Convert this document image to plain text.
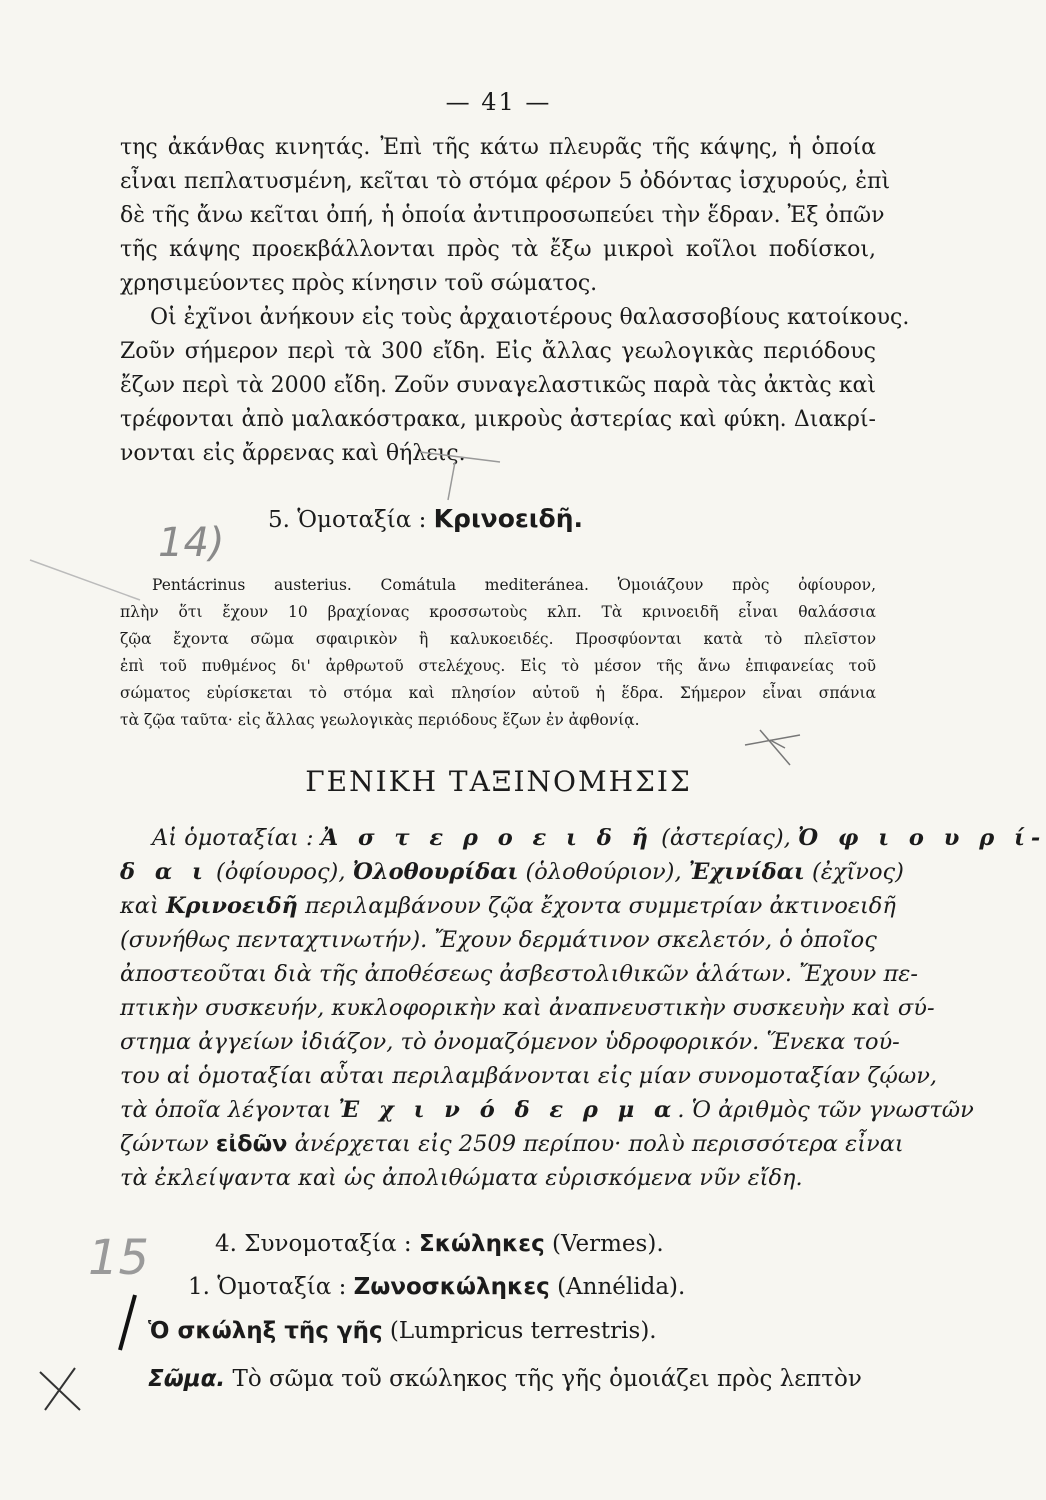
— 41 —
της ἀκάνθας κινητάς. Ἐπὶ τῆς κάτω πλευρᾶς τῆς κάψης, ἡ ὁποία
εἶναι πεπλατυσμένη, κεῖται τὸ στόμα φέρον 5 ὀδόντας ἰσχυρούς, ἐπὶ
δὲ τῆς ἄνω κεῖται ὀπή, ἡ ὁποία ἀντιπροσωπεύει τὴν ἕδραν. Ἐξ ὀπῶν
τῆς κάψης προεκβάλλονται πρὸς τὰ ἔξω μικροὶ κοῖλοι ποδίσκοι,
χρησιμεύοντες πρὸς κίνησιν τοῦ σώματος.
Οἱ ἐχῖνοι ἀνήκουν εἰς τοὺς ἀρχαιοτέρους θαλασσοβίους κατοίκους.
Ζοῦν σήμερον περὶ τὰ 300 εἴδη. Εἰς ἄλλας γεωλογικὰς περιόδους
ἔζων περὶ τὰ 2000 εἴδη. Ζοῦν συναγελαστικῶς παρὰ τὰς ἀκτὰς καὶ
τρέφονται ἀπὸ μαλακόστρακα, μικροὺς ἀστερίας καὶ φύκη. Διακρί-
νονται εἰς ἄρρενας καὶ θήλεις.
5. Ὁμοταξία : Κρινοειδῆ.
Pentácrinus austerius. Comátula mediteránea. Ὁμοιάζουν πρὸς ὀφίουρον,
πλὴν ὅτι ἔχουν 10 βραχίονας κροσσωτοὺς κλπ. Τὰ κρινοειδῆ εἶναι θαλάσσια
ζῷα ἔχοντα σῶμα σφαιρικὸν ἢ καλυκοειδές. Προσφύονται κατὰ τὸ πλεῖστον
ἐπὶ τοῦ πυθμένος δι' ἀρθρωτοῦ στελέχους. Εἰς τὸ μέσον τῆς ἄνω ἐπιφανείας τοῦ
σώματος εὑρίσκεται τὸ στόμα καὶ πλησίον αὐτοῦ ἡ ἕδρα. Σήμερον εἶναι σπάνια
τὰ ζῷα ταῦτα· εἰς ἄλλας γεωλογικὰς περιόδους ἔζων ἐν ἀφθονίᾳ.
ΓΕΝΙΚΗ ΤΑΞΙΝΟΜΗΣΙΣ
Αἱ ὁμοταξίαι : Ἀ σ τ ε ρ ο ε ι δ ῆ (ἀστερίας), Ὀ φ ι ο υ ρ ί-
δ α ι (ὀφίουρος), Ὀλοθουρίδαι (ὁλοθούριον), Ἐχινίδαι (ἐχῖνος)
καὶ Κρινοειδῆ περιλαμβάνουν ζῷα ἔχοντα συμμετρίαν ἀκτινοειδῆ
(συνήθως πενταχτινωτήν). Ἔχουν δερμάτινον σκελετόν, ὁ ὁποῖος
ἀποστεοῦται διὰ τῆς ἀποθέσεως ἀσβεστολιθικῶν ἁλάτων. Ἔχουν πε-
πτικὴν συσκευήν, κυκλοφορικὴν καὶ ἀναπνευστικὴν συσκευὴν καὶ σύ-
στημα ἀγγείων ἰδιάζον, τὸ ὀνομαζόμενον ὑδροφορικόν. Ἕνεκα τού-
του αἱ ὁμοταξίαι αὗται περιλαμβάνονται εἰς μίαν συνομοταξίαν ζῴων,
τὰ ὁποῖα λέγονται Ἐ χ ι ν ό δ ε ρ μ α. Ὁ ἀριθμὸς τῶν γνωστῶν
ζώντων εἰδῶν ἀνέρχεται εἰς 2509 περίπου· πολὺ περισσότερα εἶναι
τὰ ἐκλείψαντα καὶ ὡς ἀπολιθώματα εὑρισκόμενα νῦν εἴδη.
4. Συνομοταξία : Σκώληκες (Vermes).
1. Ὁμοταξία : Ζωνοσκώληκες (Annélida).
Ὁ σκώληξ τῆς γῆς (Lumpricus terrestris).
Σῶμα. Τὸ σῶμα τοῦ σκώληκος τῆς γῆς ὁμοιάζει πρὸς λεπτὸν
14)
15
